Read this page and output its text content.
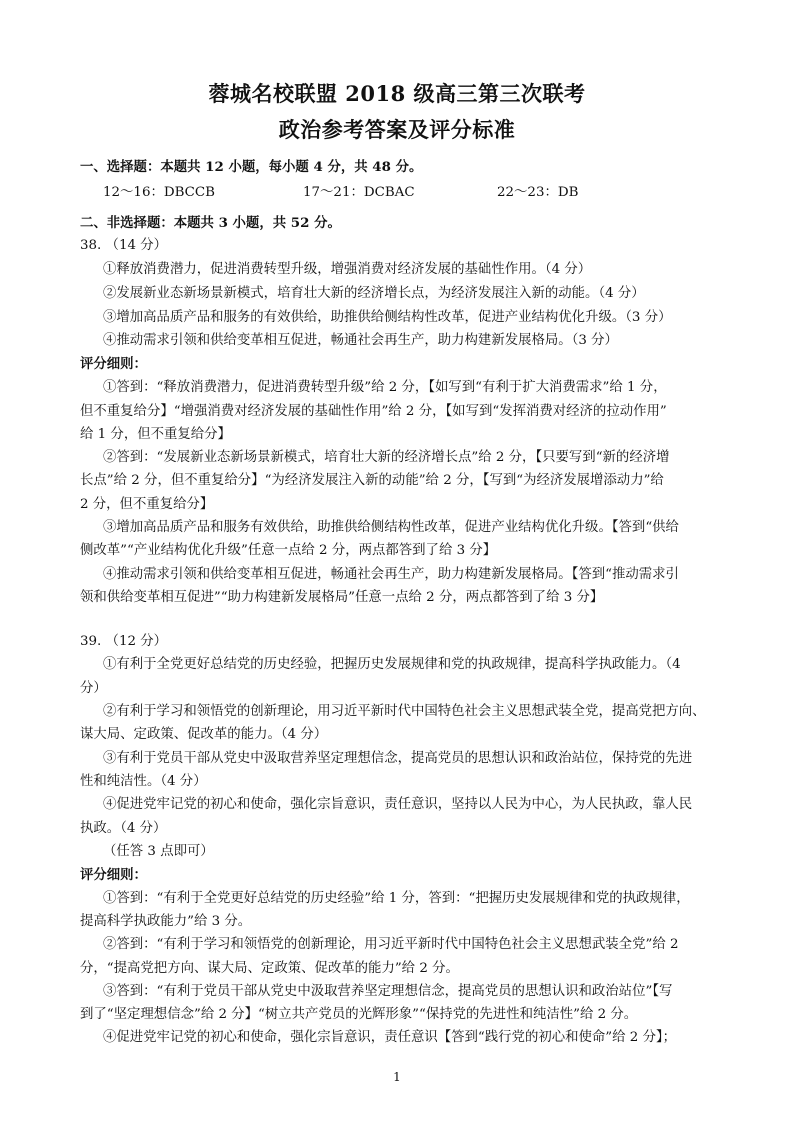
蓉城名校联盟 2018 级高三第三次联考
政治参考答案及评分标准
一、选择题：本题共 12 小题，每小题 4 分，共 48 分。
12～16：DBCCB	17～21：DCBAC	22～23：DB
二、非选择题：本题共 3 小题，共 52 分。
38. （14 分）
①释放消费潜力，促进消费转型升级，增强消费对经济发展的基础性作用。（4 分）
②发展新业态新场景新模式，培育壮大新的经济增长点，为经济发展注入新的动能。（4 分）
③增加高品质产品和服务的有效供给，助推供给侧结构性改革，促进产业结构优化升级。（3 分）
④推动需求引领和供给变革相互促进，畅通社会再生产，助力构建新发展格局。（3 分）
评分细则：
①答到：“释放消费潜力，促进消费转型升级”给 2 分，【如写到“有利于扩大消费需求”给 1 分，
但不重复给分】“增强消费对经济发展的基础性作用”给 2 分，【如写到“发挥消费对经济的拉动作用”
给 1 分，但不重复给分】
②答到：“发展新业态新场景新模式，培育壮大新的经济增长点”给 2 分，【只要写到“新的经济增
长点”给 2 分，但不重复给分】“为经济发展注入新的动能”给 2 分，【写到“为经济发展增添动力”给
2 分，但不重复给分】
③增加高品质产品和服务有效供给，助推供给侧结构性改革，促进产业结构优化升级。【答到“供给
侧改革”“产业结构优化升级”任意一点给 2 分，两点都答到了给 3 分】
④推动需求引领和供给变革相互促进，畅通社会再生产，助力构建新发展格局。【答到“推动需求引
领和供给变革相互促进”“助力构建新发展格局”任意一点给 2 分，两点都答到了给 3 分】
39. （12 分）
①有利于全党更好总结党的历史经验，把握历史发展规律和党的执政规律，提高科学执政能力。（4
分）
②有利于学习和领悟党的创新理论，用习近平新时代中国特色社会主义思想武装全党，提高党把方向、
谋大局、定政策、促改革的能力。（4 分）
③有利于党员干部从党史中汲取营养坚定理想信念，提高党员的思想认识和政治站位，保持党的先进
性和纯洁性。（4 分）
④促进党牢记党的初心和使命，强化宗旨意识，责任意识，坚持以人民为中心，为人民执政，靠人民
执政。（4 分）
（任答 3 点即可）
评分细则：
①答到：“有利于全党更好总结党的历史经验”给 1 分，答到：“把握历史发展规律和党的执政规律，
提高科学执政能力”给 3 分。
②答到：“有利于学习和领悟党的创新理论，用习近平新时代中国特色社会主义思想武装全党”给 2
分，“提高党把方向、谋大局、定政策、促改革的能力”给 2 分。
③答到：“有利于党员干部从党史中汲取营养坚定理想信念，提高党员的思想认识和政治站位”【写
到了“坚定理想信念”给 2 分】“树立共产党员的光辉形象”“保持党的先进性和纯洁性”给 2 分。
④促进党牢记党的初心和使命，强化宗旨意识，责任意识【答到“践行党的初心和使命”给 2 分】；
1
